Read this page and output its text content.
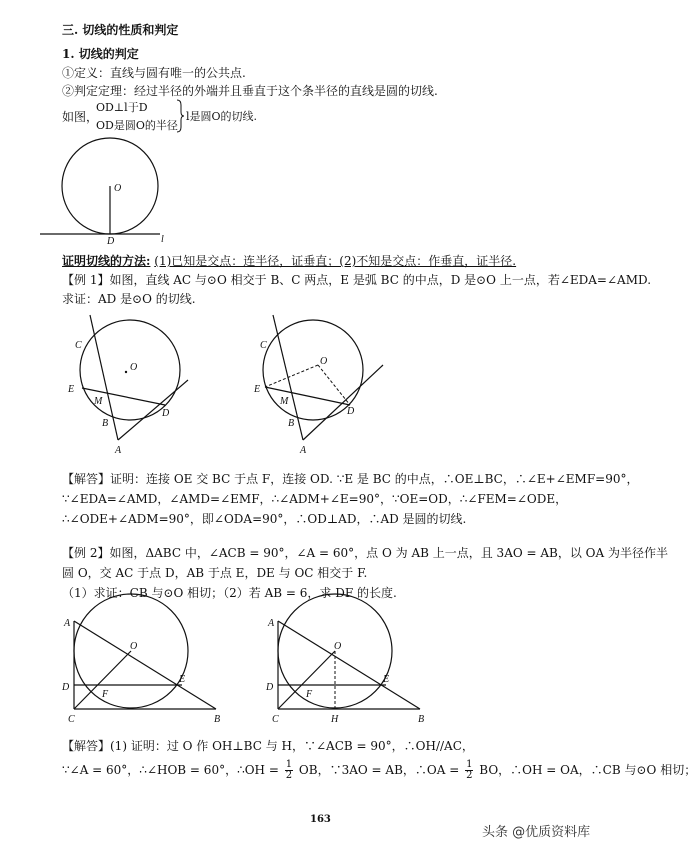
三. 切线的性质和判定
1. 切线的判定
①定义：直线与圆有唯一的公共点.
②判定定理：经过半径的外端并且垂直于这个条半径的直线是圆的切线.
如图，
OD⊥l于D
OD是圆O的半径
l是圆O的切线.
O
D	l
证明切线的方法: (1)已知是交点：连半径，证垂直；(2)不知是交点：作垂直，证半径.
【例 1】如图，直线 AC 与⊙O 相交于 B、C 两点，E 是弧 BC 的中点，D 是⊙O 上一点，若∠EDA=∠AMD.
求证：AD 是⊙O 的切线.
C
O
E
M
B
D
A
C
O
E
M
B
D
A
【解答】证明：连接 OE 交 BC 于点 F，连接 OD. ∵E 是 BC 的中点，∴OE⊥BC，∴∠E+∠EMF=90°，
∵∠EDA=∠AMD，∠AMD=∠EMF，∴∠ADM+∠E=90°，∵OE=OD，∴∠FEM=∠ODE，
∴∠ODE+∠ADM=90°，即∠ODA=90°，∴OD⊥AD，∴AD 是圆的切线.
【例 2】如图，ΔABC 中，∠ACB = 90°，∠A = 60°，点 O 为 AB 上一点，且 3AO = AB，以 OA 为半径作半
圆 O，交 AC 于点 D，AB 于点 E，DE 与 OC 相交于 F.
（1）求证：CB 与⊙O 相切；（2）若 AB = 6，求 DF 的长度.
A
O
D
F
E
C	B
A
O
D
F
E
C	H	B
【解答】(1) 证明：过 O 作 OH⊥BC 与 H，∵∠ACB = 90°，∴OH//AC，
∵∠A = 60°，∴∠HOB = 60°，∴OH = $\frac{1}{2}$ OB，∵3AO = AB，∴OA = $\frac{1}{2}$ BO，∴OH = OA，∴CB 与⊙O 相切；
163
头条 @优质资料库
